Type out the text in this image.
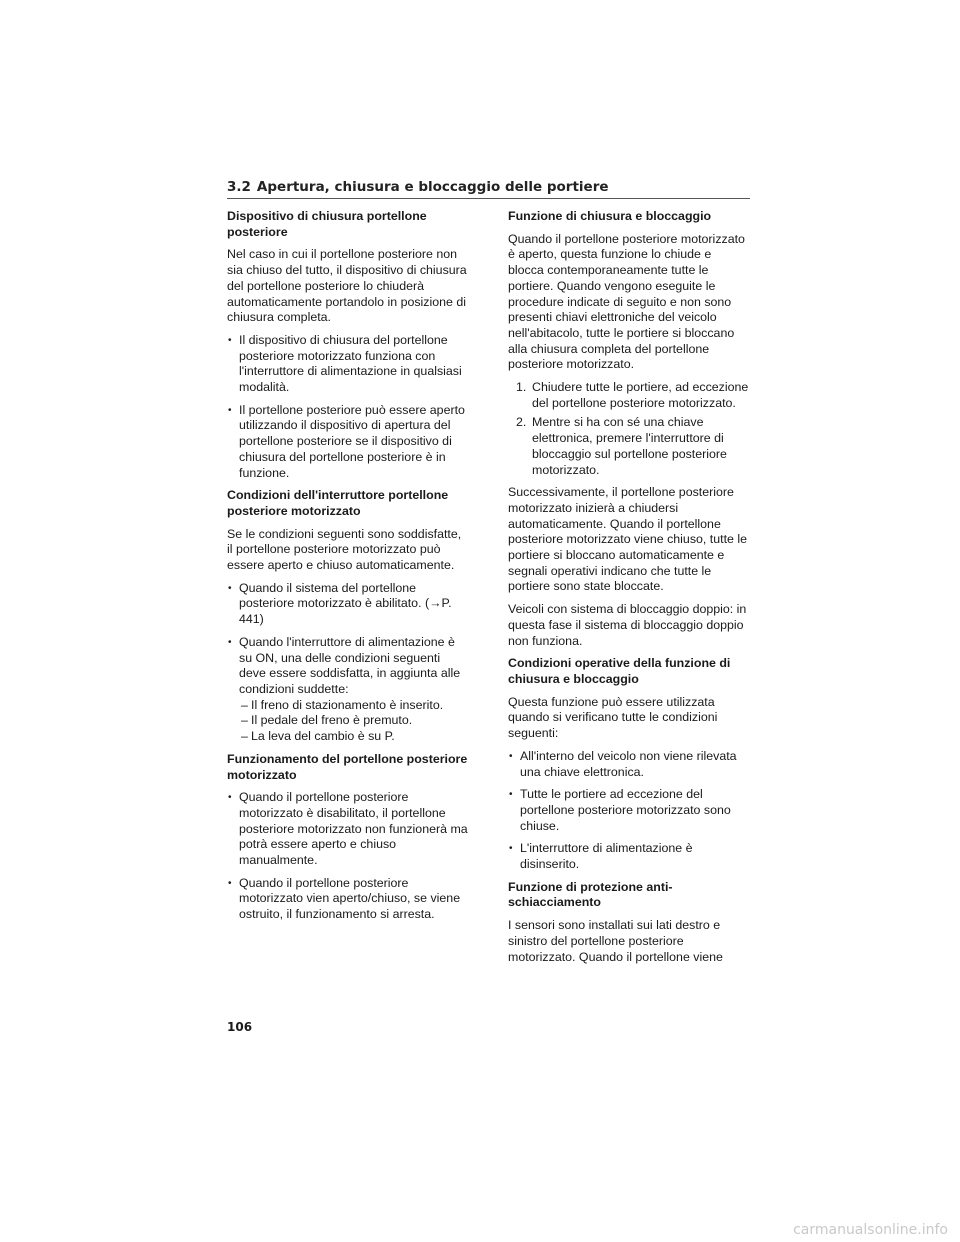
3.2 Apertura, chiusura e bloccaggio delle portiere
Dispositivo di chiusura portellone posteriore

Nel caso in cui il portellone posteriore non sia chiuso del tutto, il dispositivo di chiusura del portellone posteriore lo chiuderà automaticamente portandolo in posizione di chiusura completa.

• Il dispositivo di chiusura del portellone posteriore motorizzato funziona con l'interruttore di alimentazione in qualsiasi modalità.
• Il portellone posteriore può essere aperto utilizzando il dispositivo di apertura del portellone posteriore se il dispositivo di chiusura del portellone posteriore è in funzione.
Condizioni dell'interruttore portellone posteriore motorizzato

Se le condizioni seguenti sono soddisfatte, il portellone posteriore motorizzato può essere aperto e chiuso automaticamente.

• Quando il sistema del portellone posteriore motorizzato è abilitato. (→P. 441)
• Quando l'interruttore di alimentazione è su ON, una delle condizioni seguenti deve essere soddisfatta, in aggiunta alle condizioni suddette:
– Il freno di stazionamento è inserito.
– Il pedale del freno è premuto.
– La leva del cambio è su P.
Funzionamento del portellone posteriore motorizzato
• Quando il portellone posteriore motorizzato è disabilitato, il portellone posteriore motorizzato non funzionerà ma potrà essere aperto e chiuso manualmente.
• Quando il portellone posteriore motorizzato vien aperto/chiuso, se viene ostruito, il funzionamento si arresta.
Funzione di chiusura e bloccaggio

Quando il portellone posteriore motorizzato è aperto, questa funzione lo chiude e blocca contemporaneamente tutte le portiere. Quando vengono eseguite le procedure indicate di seguito e non sono presenti chiavi elettroniche del veicolo nell'abitacolo, tutte le portiere si bloccano alla chiusura completa del portellone posteriore motorizzato.

1. Chiudere tutte le portiere, ad eccezione del portellone posteriore motorizzato.
2. Mentre si ha con sé una chiave elettronica, premere l'interruttore di bloccaggio sul portellone posteriore motorizzato.

Successivamente, il portellone posteriore motorizzato inizierà a chiudersi automaticamente. Quando il portellone posteriore motorizzato viene chiuso, tutte le portiere si bloccano automaticamente e segnali operativi indicano che tutte le portiere sono state bloccate.

Veicoli con sistema di bloccaggio doppio: in questa fase il sistema di bloccaggio doppio non funziona.

Condizioni operative della funzione di chiusura e bloccaggio

Questa funzione può essere utilizzata quando si verificano tutte le condizioni seguenti:

• All'interno del veicolo non viene rilevata una chiave elettronica.
• Tutte le portiere ad eccezione del portellone posteriore motorizzato sono chiuse.
• L'interruttore di alimentazione è disinserito.
Funzione di protezione anti-schiacciamento

I sensori sono installati sui lati destro e sinistro del portellone posteriore motorizzato. Quando il portellone viene

106
carmanualsonline.info
